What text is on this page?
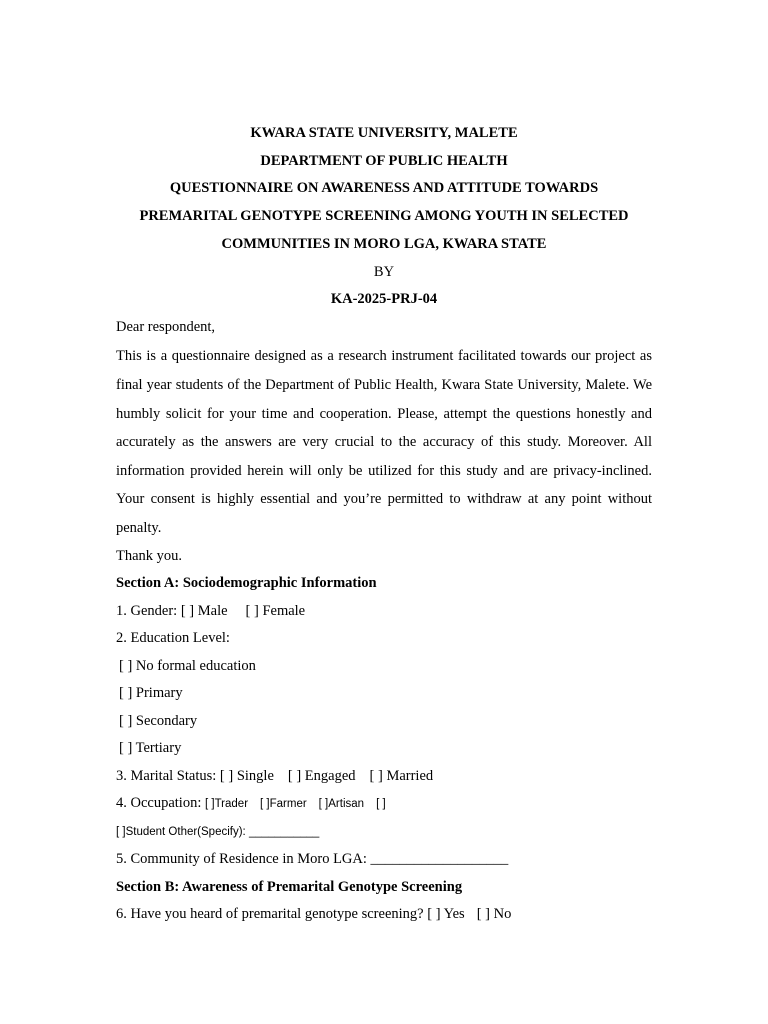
KWARA STATE UNIVERSITY, MALETE
DEPARTMENT OF PUBLIC HEALTH
QUESTIONNAIRE ON AWARENESS AND ATTITUDE TOWARDS
PREMARITAL GENOTYPE SCREENING AMONG YOUTH IN SELECTED
COMMUNITIES IN MORO LGA, KWARA STATE
BY
KA-2025-PRJ-04
Dear respondent,

This is a questionnaire designed as a research instrument facilitated towards our project as final year students of the Department of Public Health, Kwara State University, Malete. We humbly solicit for your time and cooperation. Please, attempt the questions honestly and accurately as the answers are very crucial to the accuracy of this study. Moreover. All information provided herein will only be utilized for this study and are privacy-inclined. Your consent is highly essential and you’re permitted to withdraw at any point without penalty.

Thank you.
Section A: Sociodemographic Information
1. Gender: [ ] Male [ ] Female
2. Education Level:
[ ] No formal education
[ ] Primary
[ ] Secondary
[ ] Tertiary
3. Marital Status: [ ] Single [ ] Engaged [ ] Married
4. Occupation: [ ]Trader [ ]Farmer [ ]Artisan [ ]
[ ]Student Other(Specify): ___________
5. Community of Residence in Moro LGA: ___________________
Section B: Awareness of Premarital Genotype Screening
6. Have you heard of premarital genotype screening? [ ] Yes [ ] No
